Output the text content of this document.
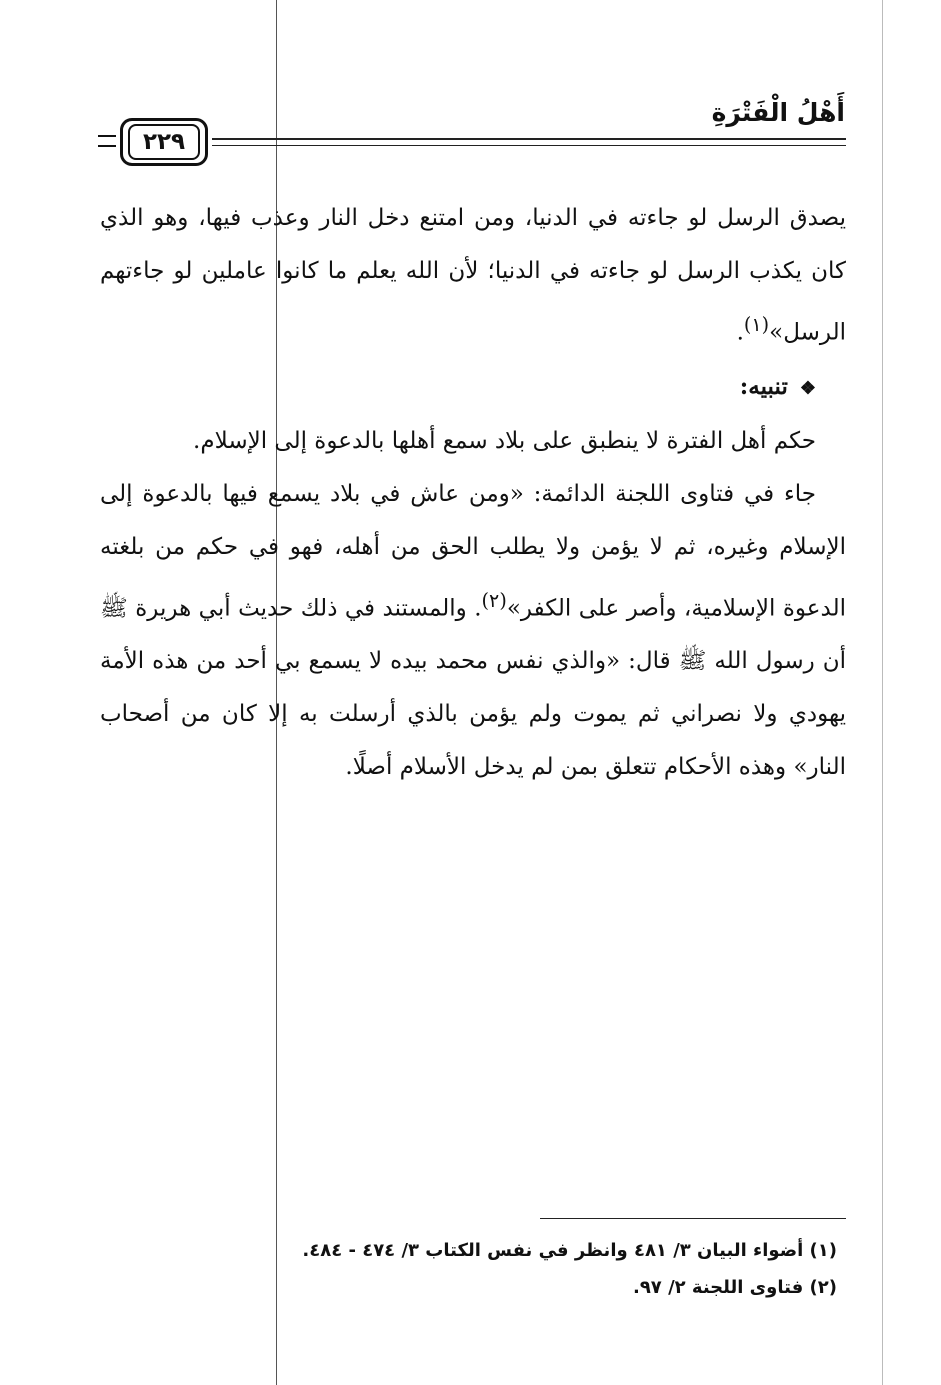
أَهْلُ الْفَتْرَةِ
٢٢٩

يصدق الرسل لو جاءته في الدنيا، ومن امتنع دخل النار وعذب فيها، وهو الذي كان يكذب الرسل لو جاءته في الدنيا؛ لأن الله يعلم ما كانوا عاملين لو جاءتهم الرسل»$^{(١)}$.

❖ تنبيه:

حكم أهل الفترة لا ينطبق على بلاد سمع أهلها بالدعوة إلى الإسلام.

جاء في فتاوى اللجنة الدائمة: «ومن عاش في بلاد يسمع فيها بالدعوة إلى الإسلام وغيره، ثم لا يؤمن ولا يطلب الحق من أهله، فهو في حكم من بلغته الدعوة الإسلامية، وأصر على الكفر»$^{(٢)}$. والمستند في ذلك حديث أبي هريرة ﷺ أن رسول الله ﷺ قال: «والذي نفس محمد بيده لا يسمع بي أحد من هذه الأمة يهودي ولا نصراني ثم يموت ولم يؤمن بالذي أرسلت به إلا كان من أصحاب النار» وهذه الأحكام تتعلق بمن لم يدخل الأسلام أصلًا.

(١) أضواء البيان ٣/ ٤٨١ وانظر في نفس الكتاب ٣/ ٤٧٤ - ٤٨٤.

(٢) فتاوى اللجنة ٢/ ٩٧.
